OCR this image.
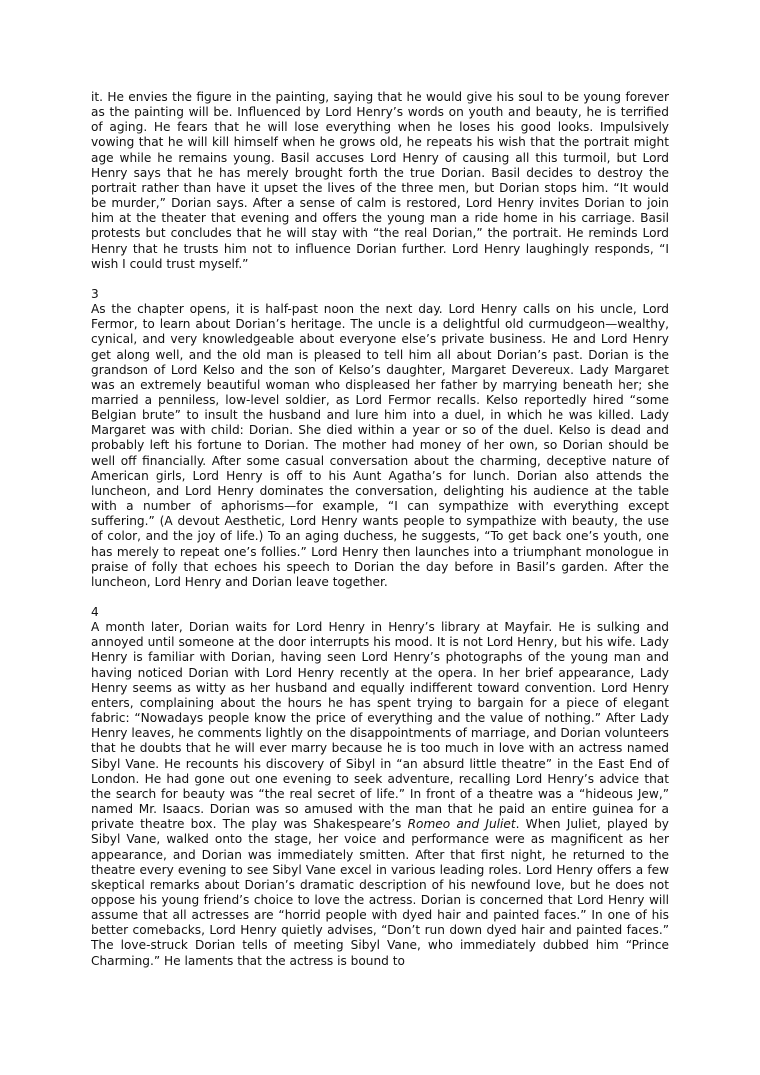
it. He envies the figure in the painting, saying that he would give his soul to be young forever as the painting will be. Influenced by Lord Henry’s words on youth and beauty, he is terrified of aging. He fears that he will lose everything when he loses his good looks. Impulsively vowing that he will kill himself when he grows old, he repeats his wish that the portrait might age while he remains young. Basil accuses Lord Henry of causing all this turmoil, but Lord Henry says that he has merely brought forth the true Dorian. Basil decides to destroy the portrait rather than have it upset the lives of the three men, but Dorian stops him. “It would be murder,” Dorian says. After a sense of calm is restored, Lord Henry invites Dorian to join him at the theater that evening and offers the young man a ride home in his carriage. Basil protests but concludes that he will stay with “the real Dorian,” the portrait. He reminds Lord Henry that he trusts him not to influence Dorian further. Lord Henry laughingly responds, “I wish I could trust myself.”

3

As the chapter opens, it is half-past noon the next day. Lord Henry calls on his uncle, Lord Fermor, to learn about Dorian’s heritage. The uncle is a delightful old curmudgeon—wealthy, cynical, and very knowledgeable about everyone else’s private business. He and Lord Henry get along well, and the old man is pleased to tell him all about Dorian’s past. Dorian is the grandson of Lord Kelso and the son of Kelso’s daughter, Margaret Devereux. Lady Margaret was an extremely beautiful woman who displeased her father by marrying beneath her; she married a penniless, low-level soldier, as Lord Fermor recalls. Kelso reportedly hired “some Belgian brute” to insult the husband and lure him into a duel, in which he was killed. Lady Margaret was with child: Dorian. She died within a year or so of the duel. Kelso is dead and probably left his fortune to Dorian. The mother had money of her own, so Dorian should be well off financially. After some casual conversation about the charming, deceptive nature of American girls, Lord Henry is off to his Aunt Agatha’s for lunch. Dorian also attends the luncheon, and Lord Henry dominates the conversation, delighting his audience at the table with a number of aphorisms—for example, “I can sympathize with everything except suffering.” (A devout Aesthetic, Lord Henry wants people to sympathize with beauty, the use of color, and the joy of life.) To an aging duchess, he suggests, “To get back one’s youth, one has merely to repeat one’s follies.” Lord Henry then launches into a triumphant monologue in praise of folly that echoes his speech to Dorian the day before in Basil’s garden. After the luncheon, Lord Henry and Dorian leave together.

4

A month later, Dorian waits for Lord Henry in Henry’s library at Mayfair. He is sulking and annoyed until someone at the door interrupts his mood. It is not Lord Henry, but his wife. Lady Henry is familiar with Dorian, having seen Lord Henry’s photographs of the young man and having noticed Dorian with Lord Henry recently at the opera. In her brief appearance, Lady Henry seems as witty as her husband and equally indifferent toward convention. Lord Henry enters, complaining about the hours he has spent trying to bargain for a piece of elegant fabric: “Nowadays people know the price of everything and the value of nothing.” After Lady Henry leaves, he comments lightly on the disappointments of marriage, and Dorian volunteers that he doubts that he will ever marry because he is too much in love with an actress named Sibyl Vane. He recounts his discovery of Sibyl in “an absurd little theatre” in the East End of London. He had gone out one evening to seek adventure, recalling Lord Henry’s advice that the search for beauty was “the real secret of life.” In front of a theatre was a “hideous Jew,” named Mr. Isaacs. Dorian was so amused with the man that he paid an entire guinea for a private theatre box. The play was Shakespeare’s Romeo and Juliet. When Juliet, played by Sibyl Vane, walked onto the stage, her voice and performance were as magnificent as her appearance, and Dorian was immediately smitten. After that first night, he returned to the theatre every evening to see Sibyl Vane excel in various leading roles. Lord Henry offers a few skeptical remarks about Dorian’s dramatic description of his newfound love, but he does not oppose his young friend’s choice to love the actress. Dorian is concerned that Lord Henry will assume that all actresses are “horrid people with dyed hair and painted faces.” In one of his better comebacks, Lord Henry quietly advises, “Don’t run down dyed hair and painted faces.” The love-struck Dorian tells of meeting Sibyl Vane, who immediately dubbed him “Prince Charming.” He laments that the actress is bound to
